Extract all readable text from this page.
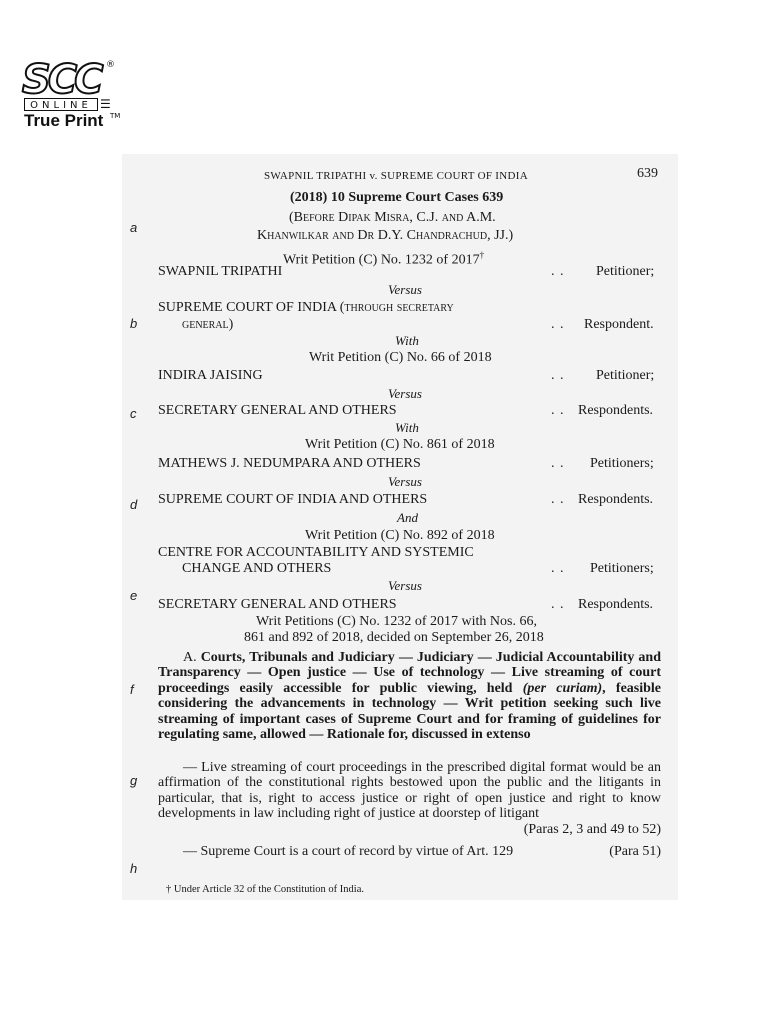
SCC ®
ONLINE ☰
True Print TM
a
b
c
d
e
f
g
h
SWAPNIL TRIPATHI v. SUPREME COURT OF INDIA	639
(2018) 10 Supreme Court Cases 639
(Before Dipak Misra, C.J. and A.M.
Khanwilkar and Dr D.Y. Chandrachud, JJ.)
Writ Petition (C) No. 1232 of 2017†
SWAPNIL TRIPATHI	. . Petitioner;
Versus
SUPREME COURT OF INDIA (through secretary
general)	. . Respondent.
With
Writ Petition (C) No. 66 of 2018
INDIRA JAISING	. . Petitioner;
Versus
SECRETARY GENERAL AND OTHERS	. . Respondents.
With
Writ Petition (C) No. 861 of 2018
MATHEWS J. NEDUMPARA AND OTHERS	. . Petitioners;
Versus
SUPREME COURT OF INDIA AND OTHERS	. . Respondents.
And
Writ Petition (C) No. 892 of 2018
CENTRE FOR ACCOUNTABILITY AND SYSTEMIC
CHANGE AND OTHERS	. . Petitioners;
Versus
SECRETARY GENERAL AND OTHERS	. . Respondents.
Writ Petitions (C) No. 1232 of 2017 with Nos. 66,
861 and 892 of 2018, decided on September 26, 2018
A. Courts, Tribunals and Judiciary — Judiciary — Judicial Accountability and Transparency — Open justice — Use of technology — Live streaming of court proceedings easily accessible for public viewing, held (per curiam), feasible considering the advancements in technology — Writ petition seeking such live streaming of important cases of Supreme Court and for framing of guidelines for regulating same, allowed — Rationale for, discussed in extenso
— Live streaming of court proceedings in the prescribed digital format would be an affirmation of the constitutional rights bestowed upon the public and the litigants in particular, that is, right to access justice or right of open justice and right to know developments in law including right of justice at doorstep of litigant
(Paras 2, 3 and 49 to 52)
— Supreme Court is a court of record by virtue of Art. 129	(Para 51)
† Under Article 32 of the Constitution of India.
